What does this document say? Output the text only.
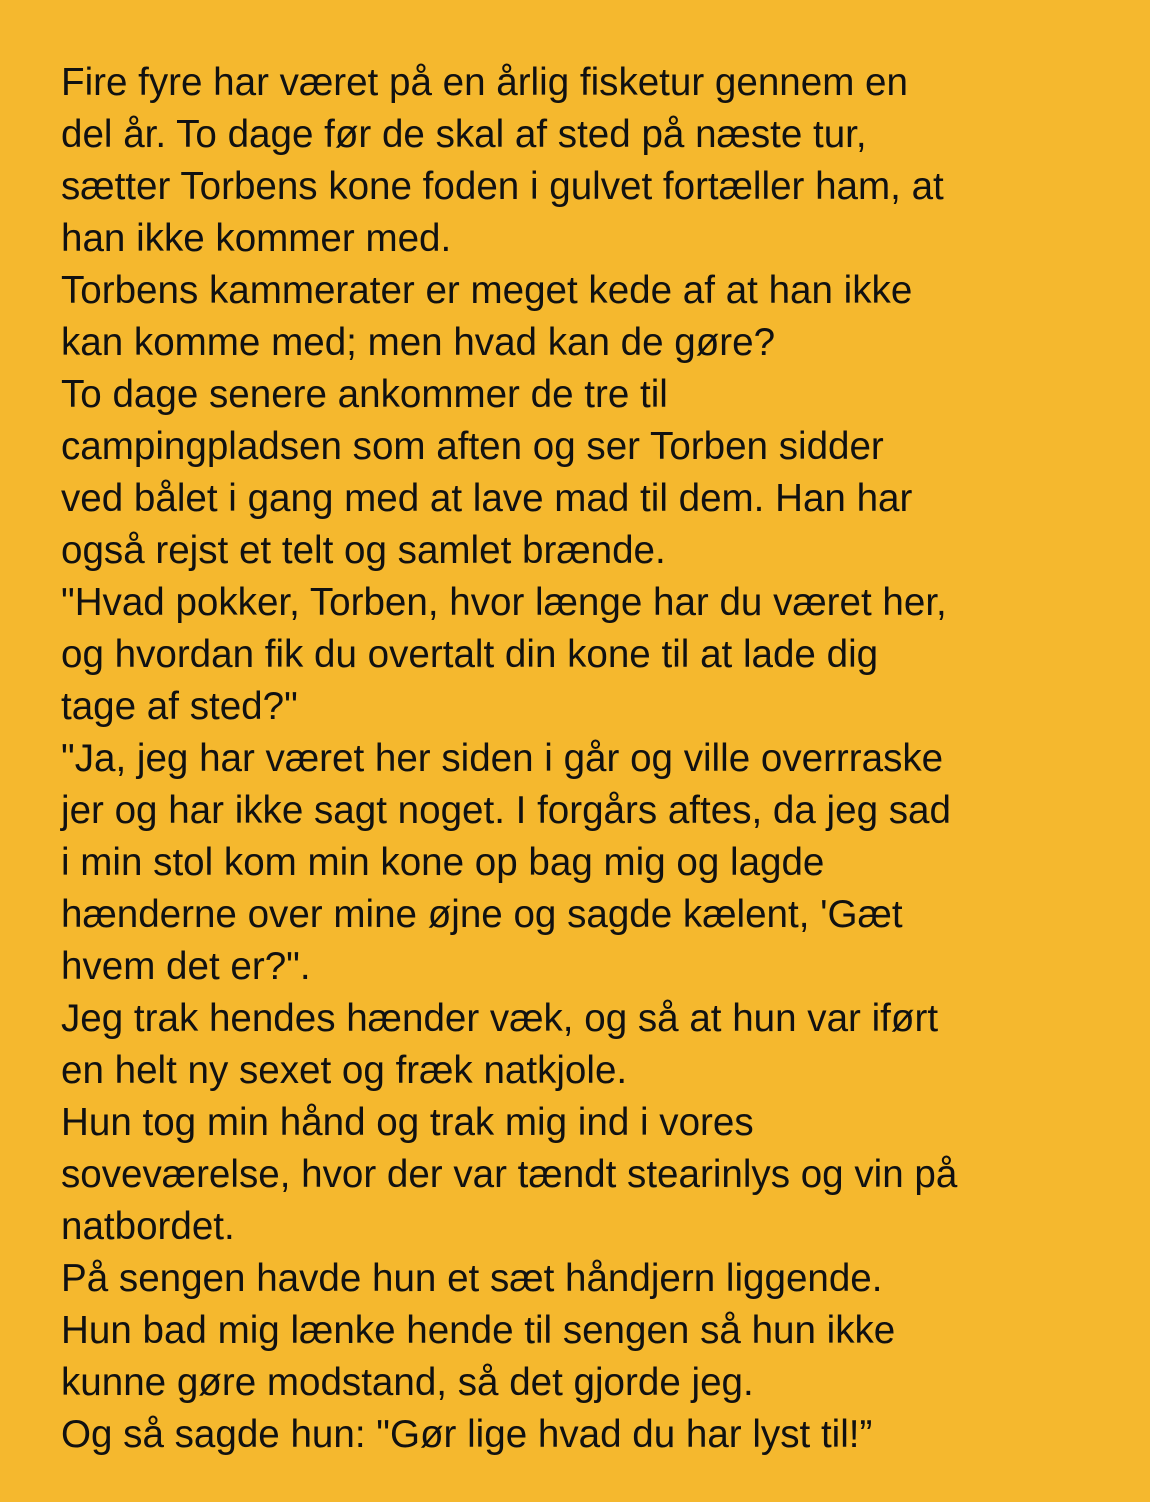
Fire fyre har været på en årlig fisketur gennem en
del år. To dage før de skal af sted på næste tur,
sætter Torbens kone foden i gulvet fortæller ham, at
han ikke kommer med.
Torbens kammerater er meget kede af at han ikke
kan komme med; men hvad kan de gøre?
To dage senere ankommer de tre til
campingpladsen som aften og ser Torben sidder
ved bålet i gang med at lave mad til dem. Han har
også rejst et telt og samlet brænde.
"Hvad pokker, Torben, hvor længe har du været her,
og hvordan fik du overtalt din kone til at lade dig
tage af sted?"
"Ja, jeg har været her siden i går og ville overrraske
jer og har ikke sagt noget. I forgårs aftes, da jeg sad
i min stol kom min kone op bag mig og lagde
hænderne over mine øjne og sagde kælent, 'Gæt
hvem det er?".
Jeg trak hendes hænder væk, og så at hun var iført
en helt ny sexet og fræk natkjole.
Hun tog min hånd og trak mig ind i vores
soveværelse, hvor der var tændt stearinlys og vin på
natbordet.
På sengen havde hun et sæt håndjern liggende.
Hun bad mig lænke hende til sengen så hun ikke
kunne gøre modstand, så det gjorde jeg.
Og så sagde hun: "Gør lige hvad du har lyst til!”
